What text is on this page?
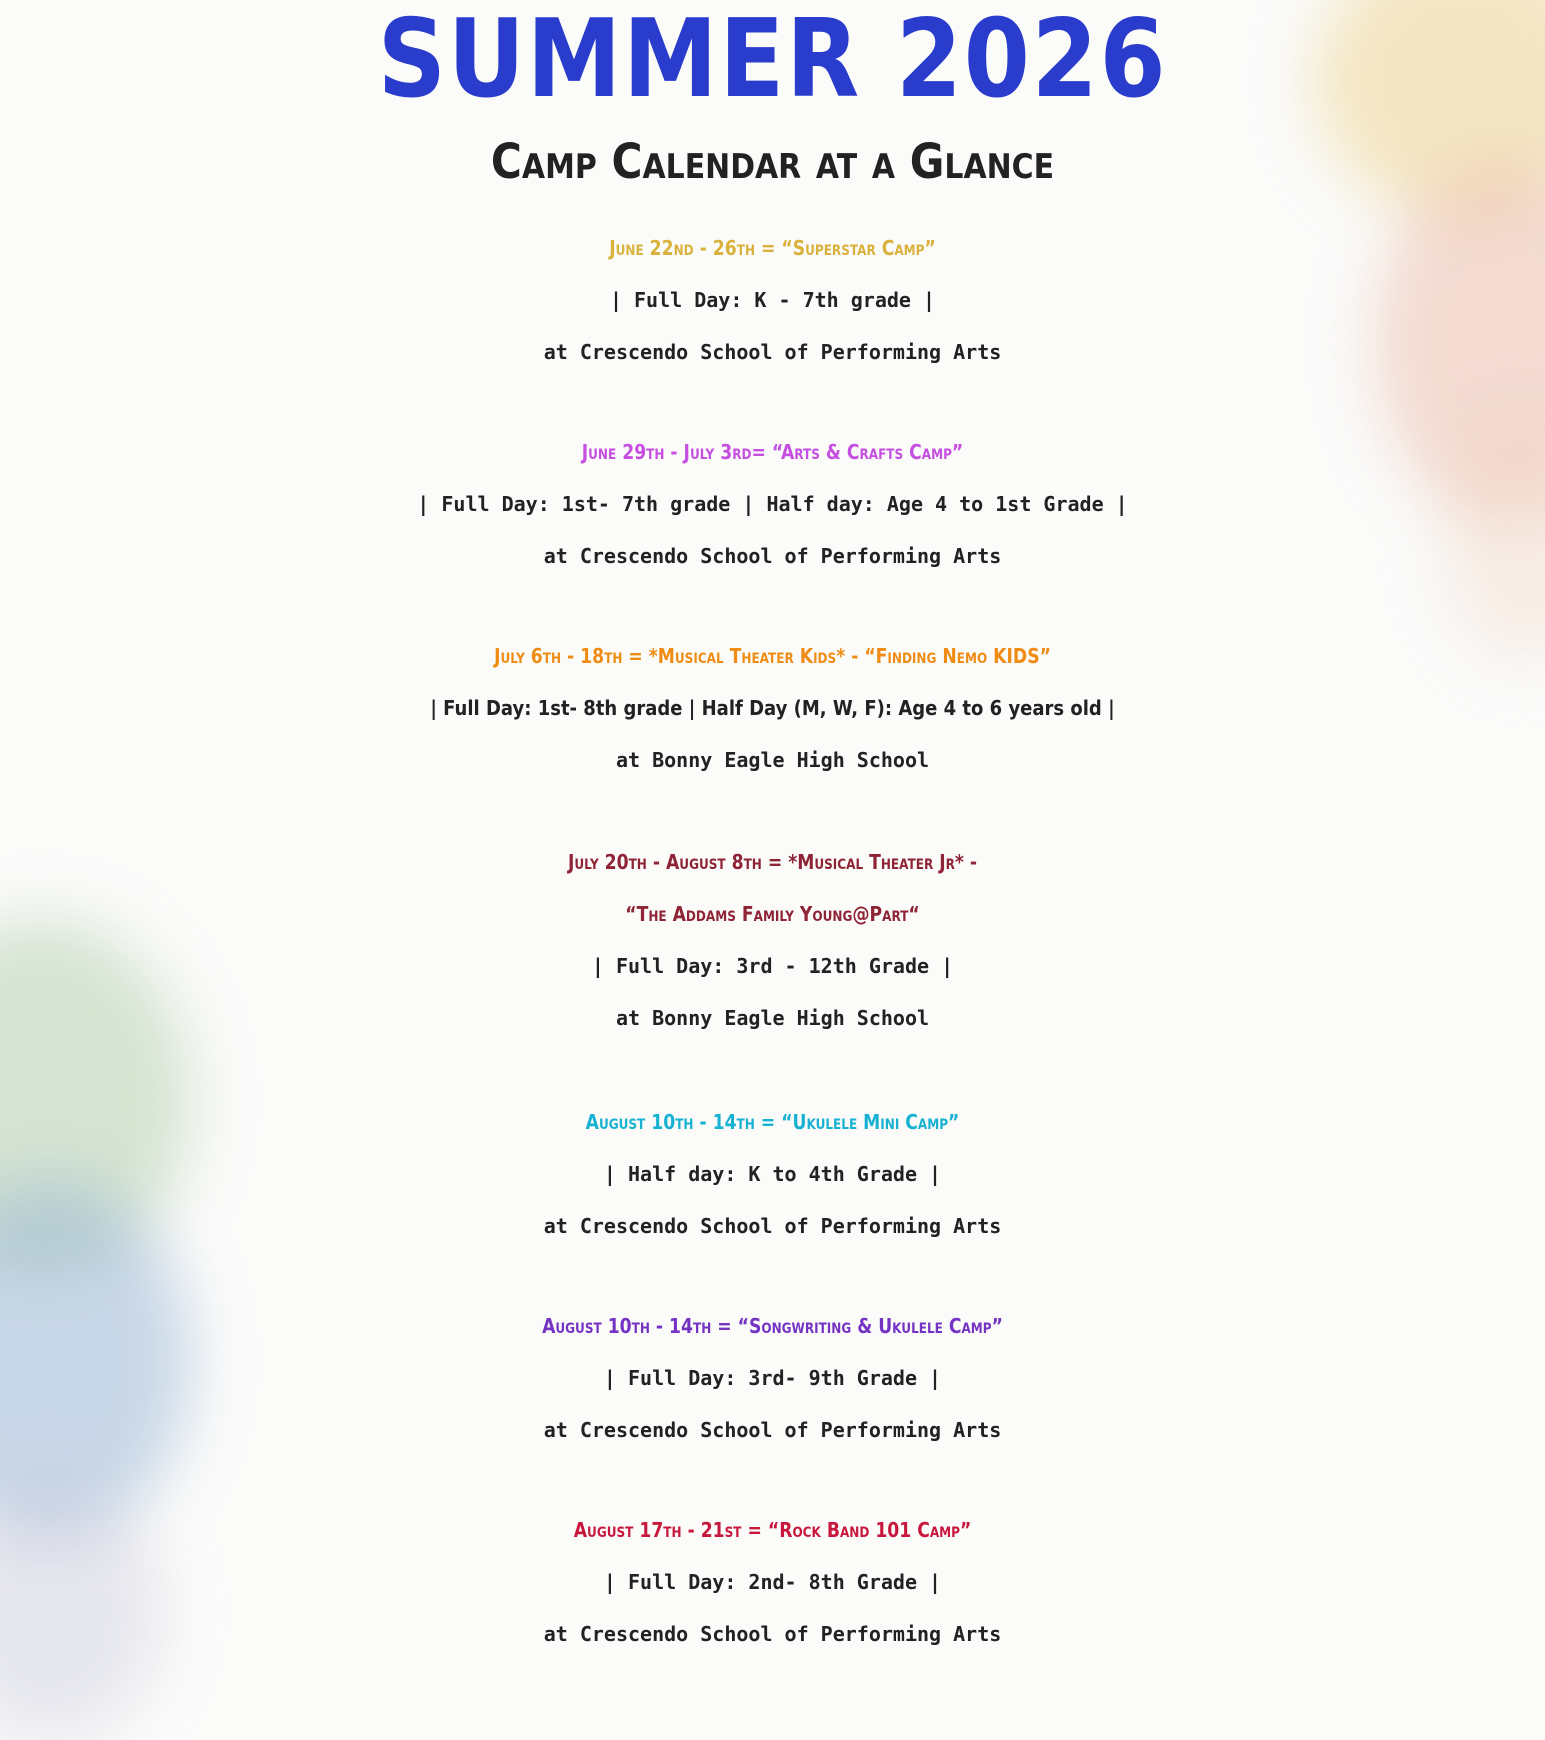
SUMMER 2026
Camp Calendar at a Glance
June 22nd - 26th = “Superstar Camp”
| Full Day: K - 7th grade |
at Crescendo School of Performing Arts
June 29th - July 3rd= “Arts & Crafts Camp”
| Full Day: 1st- 7th grade | Half day: Age 4 to 1st Grade |
at Crescendo School of Performing Arts
July 6th - 18th = *Musical Theater Kids* - “Finding Nemo KIDS”
| Full Day: 1st- 8th grade | Half Day (M, W, F): Age 4 to 6 years old |
at Bonny Eagle High School
July 20th - August 8th = *Musical Theater Jr* -
“The Addams Family Young@Part“
| Full Day: 3rd - 12th Grade |
at Bonny Eagle High School
August 10th - 14th = “Ukulele Mini Camp”
| Half day: K to 4th Grade |
at Crescendo School of Performing Arts
August 10th - 14th = “Songwriting & Ukulele Camp”
| Full Day: 3rd- 9th Grade |
at Crescendo School of Performing Arts
August 17th - 21st = “Rock Band 101 Camp”
| Full Day: 2nd- 8th Grade |
at Crescendo School of Performing Arts
